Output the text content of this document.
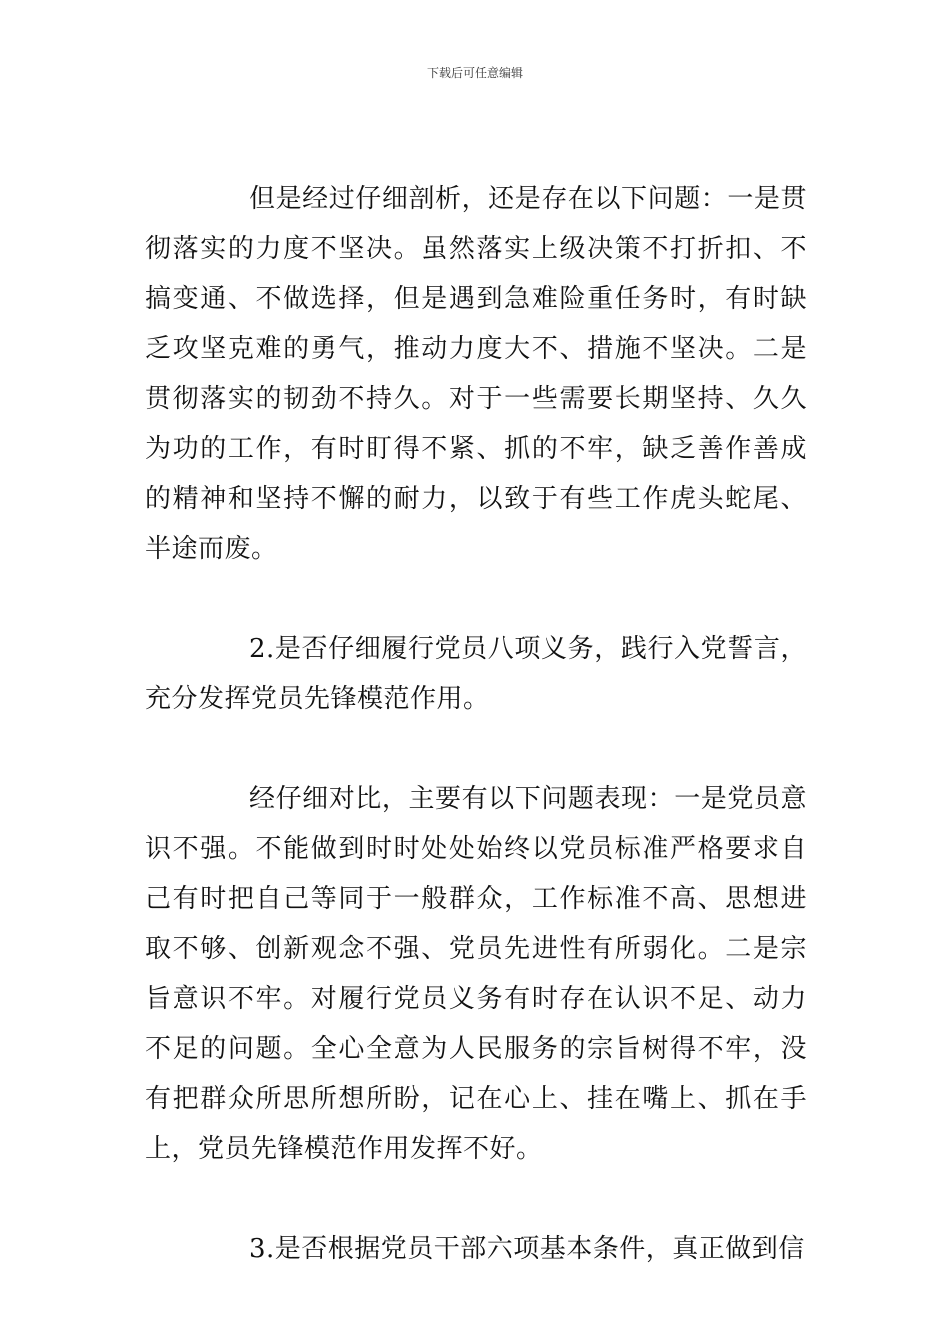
下载后可任意编辑

但是经过仔细剖析，还是存在以下问题：一是贯彻落实的力度不坚决。虽然落实上级决策不打折扣、不搞变通、不做选择，但是遇到急难险重任务时，有时缺乏攻坚克难的勇气，推动力度大不、措施不坚决。二是贯彻落实的韧劲不持久。对于一些需要长期坚持、久久为功的工作，有时盯得不紧、抓的不牢，缺乏善作善成的精神和坚持不懈的耐力，以致于有些工作虎头蛇尾、半途而废。

2.是否仔细履行党员八项义务，践行入党誓言，充分发挥党员先锋模范作用。

经仔细对比，主要有以下问题表现：一是党员意识不强。不能做到时时处处始终以党员标准严格要求自己有时把自己等同于一般群众，工作标准不高、思想进取不够、创新观念不强、党员先进性有所弱化。二是宗旨意识不牢。对履行党员义务有时存在认识不足、动力不足的问题。全心全意为人民服务的宗旨树得不牢，没有把群众所思所想所盼，记在心上、挂在嘴上、抓在手上，党员先锋模范作用发挥不好。

3.是否根据党员干部六项基本条件，真正做到信
